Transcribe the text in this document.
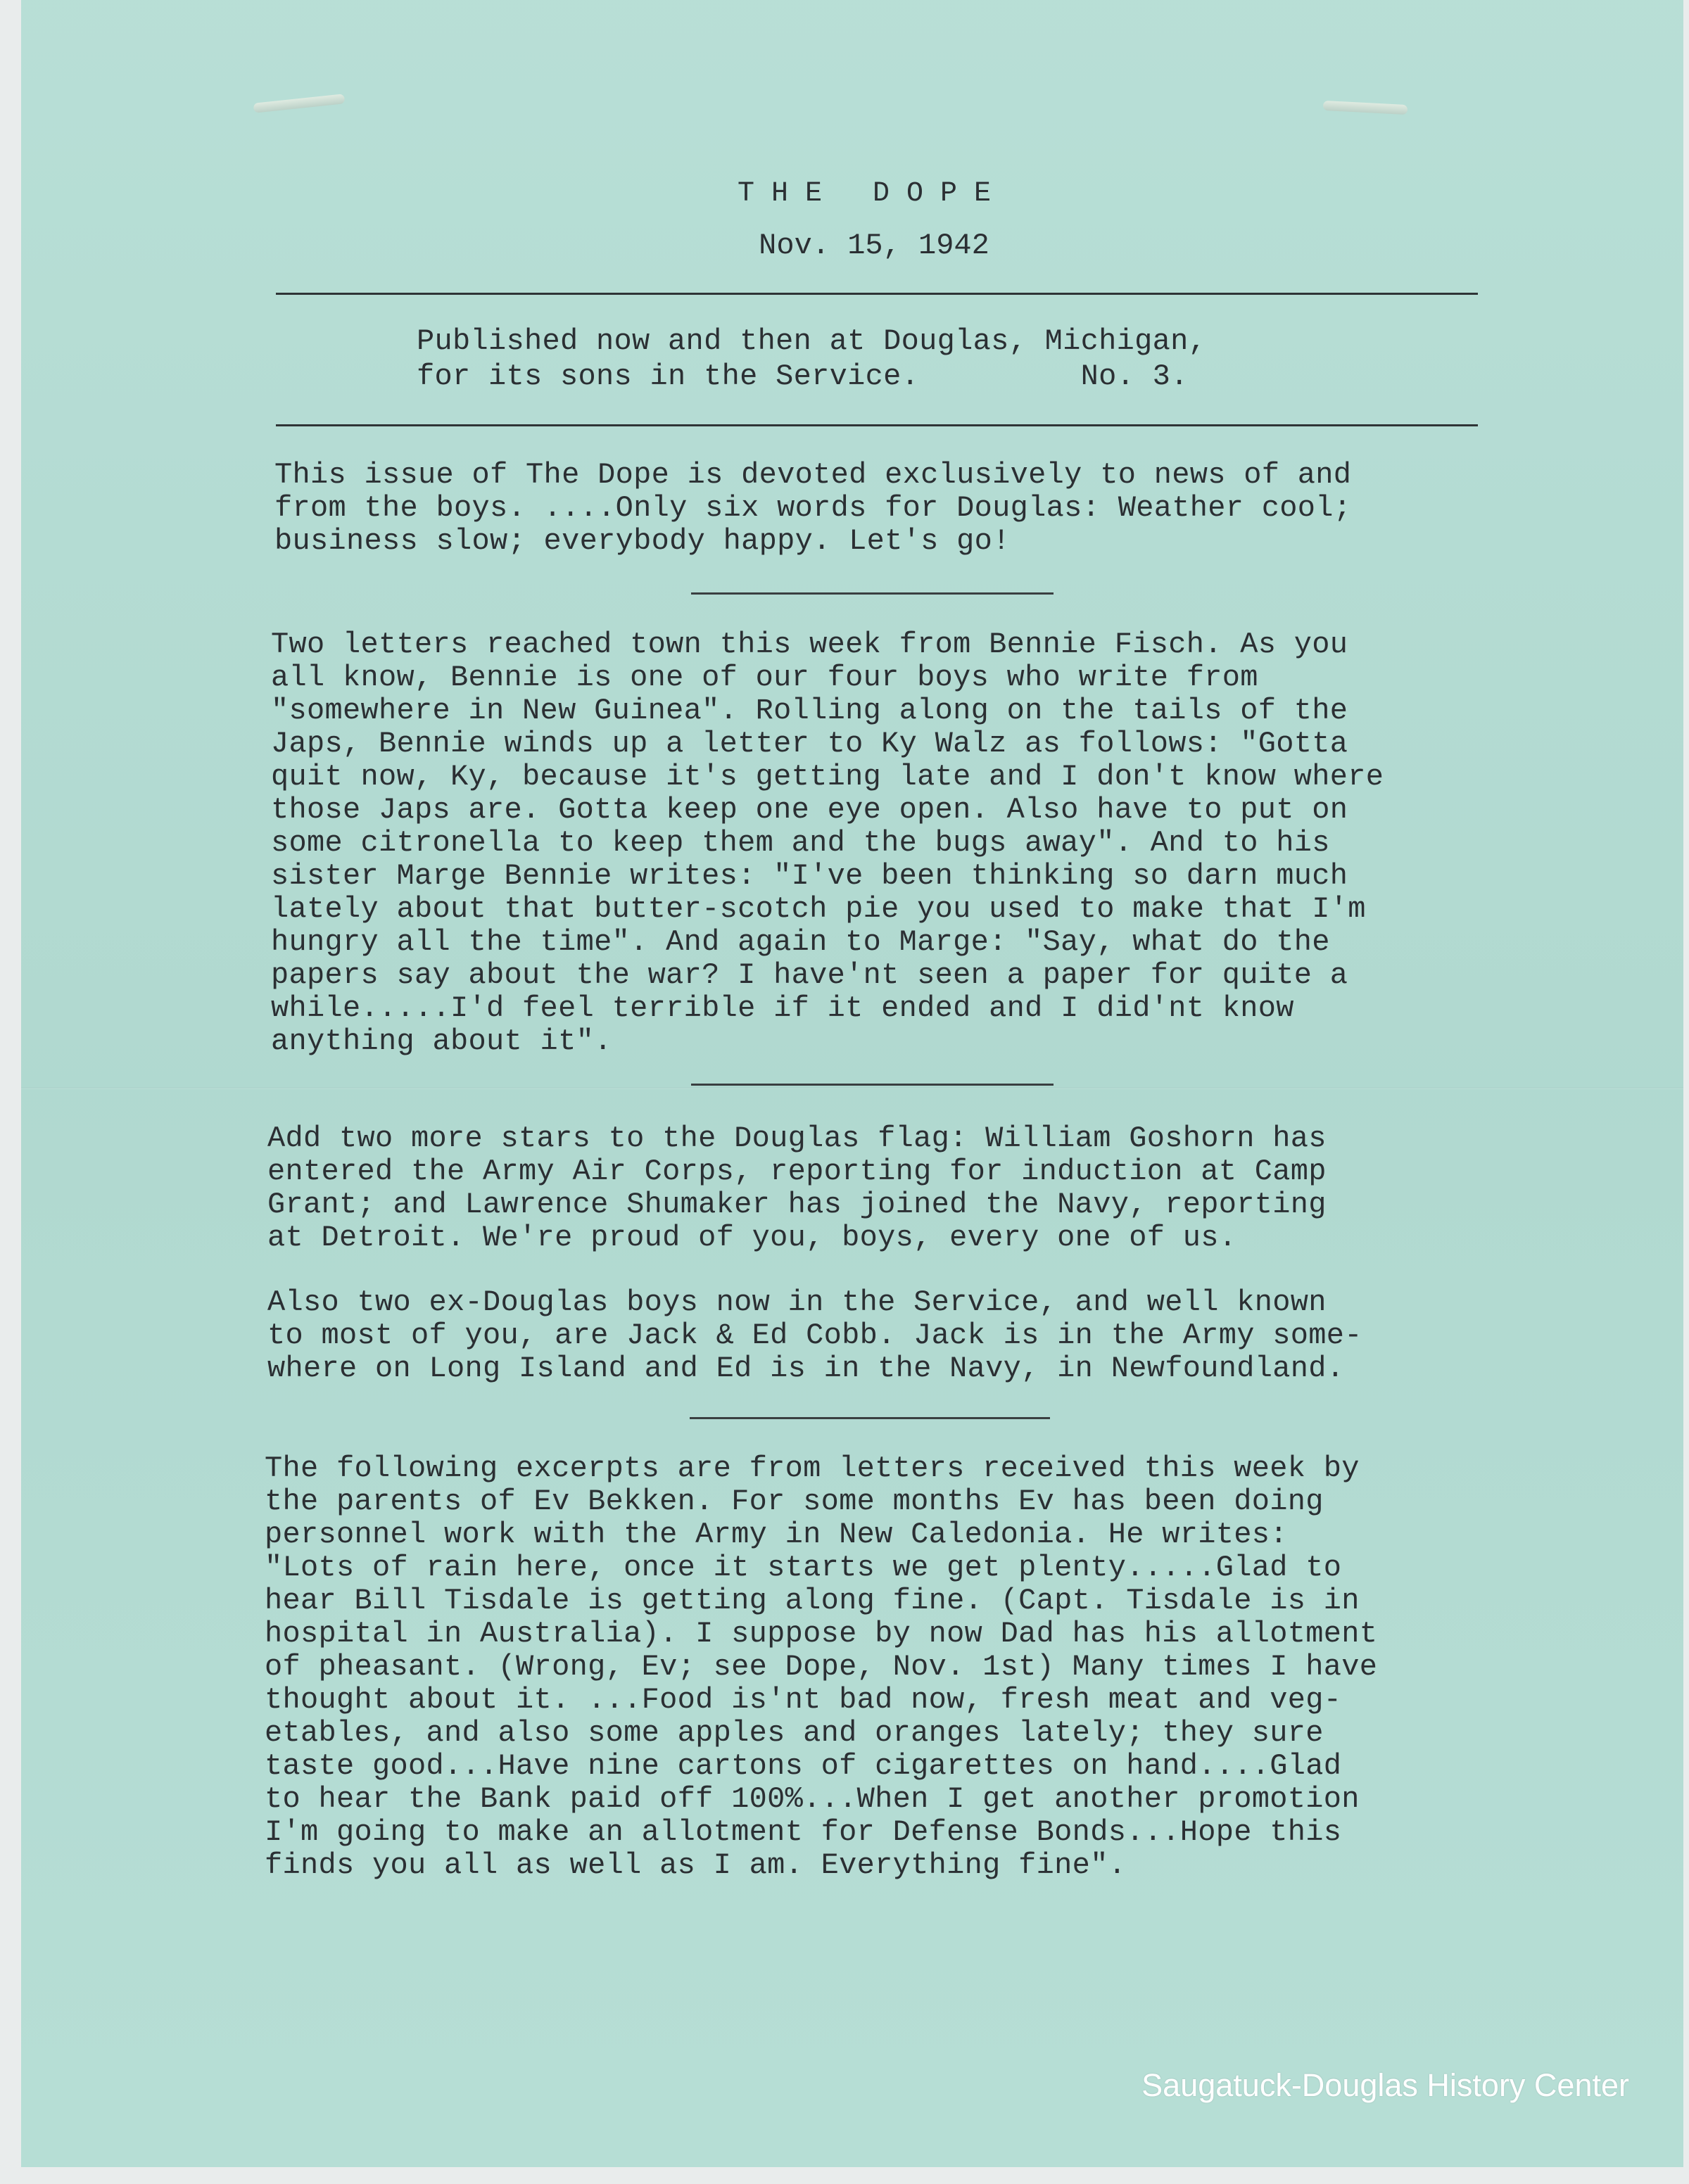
THE DOPE
Nov. 15, 1942
Published now and then at Douglas, Michigan,
for its sons in the Service.         No. 3.
This issue of The Dope is devoted exclusively to news of and
from the boys. ....Only six words for Douglas: Weather cool;
business slow; everybody happy. Let's go!
Two letters reached town this week from Bennie Fisch. As you
all know, Bennie is one of our four boys who write from
"somewhere in New Guinea". Rolling along on the tails of the
Japs, Bennie winds up a letter to Ky Walz as follows: "Gotta
quit now, Ky, because it's getting late and I don't know where
those Japs are. Gotta keep one eye open. Also have to put on
some citronella to keep them and the bugs away". And to his
sister Marge Bennie writes: "I've been thinking so darn much
lately about that butter-scotch pie you used to make that I'm
hungry all the time". And again to Marge: "Say, what do the
papers say about the war? I have'nt seen a paper for quite a
while.....I'd feel terrible if it ended and I did'nt know
anything about it".
Add two more stars to the Douglas flag: William Goshorn has
entered the Army Air Corps, reporting for induction at Camp
Grant; and Lawrence Shumaker has joined the Navy, reporting
at Detroit. We're proud of you, boys, every one of us.
Also two ex-Douglas boys now in the Service, and well known
to most of you, are Jack & Ed Cobb. Jack is in the Army some-
where on Long Island and Ed is in the Navy, in Newfoundland.
The following excerpts are from letters received this week by
the parents of Ev Bekken. For some months Ev has been doing
personnel work with the Army in New Caledonia. He writes:
"Lots of rain here, once it starts we get plenty.....Glad to
hear Bill Tisdale is getting along fine. (Capt. Tisdale is in
hospital in Australia). I suppose by now Dad has his allotment
of pheasant. (Wrong, Ev; see Dope, Nov. 1st) Many times I have
thought about it. ...Food is'nt bad now, fresh meat and veg-
etables, and also some apples and oranges lately; they sure
taste good...Have nine cartons of cigarettes on hand....Glad
to hear the Bank paid off 100%...When I get another promotion
I'm going to make an allotment for Defense Bonds...Hope this
finds you all as well as I am. Everything fine".
Saugatuck-Douglas History Center
